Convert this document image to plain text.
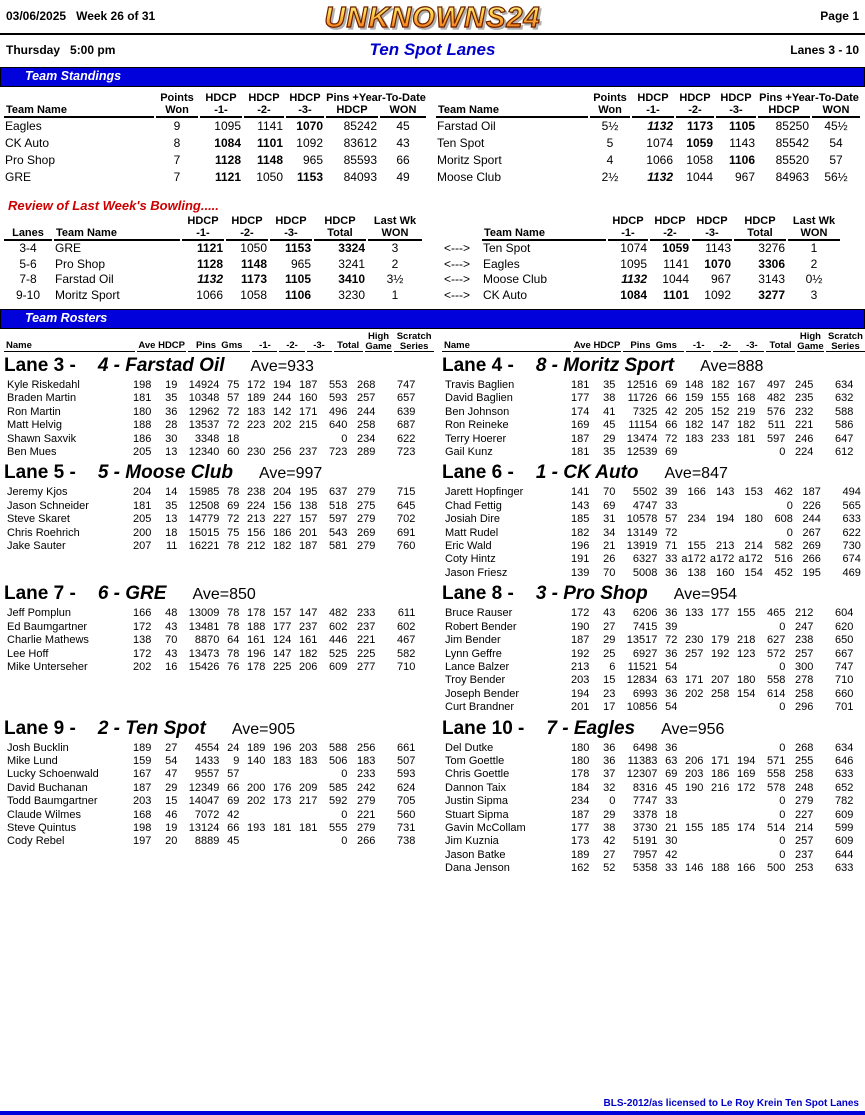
03/06/2025 Week 26 of 31	UNKNOWNS24	Page 1
Thursday   5:00 pm	Ten Spot Lanes	Lanes 3 - 10
Team Standings
	Points	HDCP	HDCP	HDCP	Pins +Year-To-Date	
Team Name	Won	-1-	-2-	-3-	HDCP	WON
Eagles	9	1095	1141	1070	85242	45
CK Auto	8	1084	1101	1092	83612	43
Pro Shop	7	1128	1148	965	85593	66
GRE	7	1121	1050	1153	84093	49
	Points	HDCP	HDCP	HDCP	Pins +Year-To-Date	
Team Name	Won	-1-	-2-	-3-	HDCP	WON
Farstad Oil	5½	1132	1173	1105	85250	45½
Ten Spot	5	1074	1059	1143	85542	54
Moritz Sport	4	1066	1058	1106	85520	57
Moose Club	2½	1132	1044	967	84963	56½
Review of Last Week's Bowling.....
		HDCP	HDCP	HDCP	HDCP	Last Wk
Lanes	Team Name	-1-	-2-	-3-	Total	WON
3-4	GRE	1121	1050	1153	3324	3
5-6	Pro Shop	1128	1148	965	3241	2
7-8	Farstad Oil	1132	1173	1105	3410	3½
9-10	Moritz Sport	1066	1058	1106	3230	1
		HDCP	HDCP	HDCP	HDCP	Last Wk
	Team Name	-1-	-2-	-3-	Total	WON
<--->	Ten Spot	1074	1059	1143	3276	1
<--->	Eagles	1095	1141	1070	3306	2
<--->	Moose Club	1132	1044	967	3143	0½
<--->	CK Auto	1084	1101	1092	3277	3
Team Rosters
Name	Ave HDCP	Pins  Gms	-1-	-2-	-3-	Total	
High
Game

Scratch
Series	Name	Ave HDCP	Pins  Gms	-1-	-2-	-3-	Total	
High
Game

Scratch
Series
Lane 3 - 4 - Farstad Oil Ave=933
Kyle Riskedahl	198	19	14924	75	172	194	187	553	268	747
Braden Martin	181	35	10348	57	189	244	160	593	257	657
Ron Martin	180	36	12962	72	183	142	171	496	244	639
Matt Helvig	188	28	13537	72	223	202	215	640	258	687
Shawn Saxvik	186	30	3348	18				0	234	622
Ben Mues	205	13	12340	60	230	256	237	723	289	723
Lane 4 - 8 - Moritz Sport Ave=888
Travis Baglien	181	35	12516	69	148	182	167	497	245	634
David Baglien	177	38	11726	66	159	155	168	482	235	632
Ben Johnson	174	41	7325	42	205	152	219	576	232	588
Ron Reineke	169	45	11154	66	182	147	182	511	221	586
Terry Hoerer	187	29	13474	72	183	233	181	597	246	647
Gail Kunz	181	35	12539	69				0	224	612
Lane 5 - 5 - Moose Club Ave=997
Jeremy Kjos	204	14	15985	78	238	204	195	637	279	715
Jason Schneider	181	35	12508	69	224	156	138	518	275	645
Steve Skaret	205	13	14779	72	213	227	157	597	279	702
Chris Roehrich	200	18	15015	75	156	186	201	543	269	691
Jake Sauter	207	11	16221	78	212	182	187	581	279	760
Lane 6 - 1 - CK Auto Ave=847
Jarett Hopfinger	141	70	5502	39	166	143	153	462	187	494
Chad Fettig	143	69	4747	33				0	226	565
Josiah Dire	185	31	10578	57	234	194	180	608	244	633
Matt Rudel	182	34	13149	72				0	267	622
Eric Wald	196	21	13919	71	155	213	214	582	269	730
Coty Hintz	191	26	6327	33	a172	a172	a172	516	266	674
Jason Friesz	139	70	5008	36	138	160	154	452	195	469
Lane 7 - 6 - GRE Ave=850
Jeff Pomplun	166	48	13009	78	178	157	147	482	233	611
Ed Baumgartner	172	43	13481	78	188	177	237	602	237	602
Charlie Mathews	138	70	8870	64	161	124	161	446	221	467
Lee Hoff	172	43	13473	78	196	147	182	525	225	582
Mike Unterseher	202	16	15426	76	178	225	206	609	277	710
Lane 8 - 3 - Pro Shop Ave=954
Bruce Rauser	172	43	6206	36	133	177	155	465	212	604
Robert Bender	190	27	7415	39				0	247	620
Jim Bender	187	29	13517	72	230	179	218	627	238	650
Lynn Geffre	192	25	6927	36	257	192	123	572	257	667
Lance Balzer	213	6	11521	54				0	300	747
Troy Bender	203	15	12834	63	171	207	180	558	278	710
Joseph Bender	194	23	6993	36	202	258	154	614	258	660
Curt Brandner	201	17	10856	54				0	296	701
Lane 9 - 2 - Ten Spot Ave=905
Josh Bucklin	189	27	4554	24	189	196	203	588	256	661
Mike Lund	159	54	1433	9	140	183	183	506	183	507
Lucky Schoenwald	167	47	9557	57				0	233	593
David Buchanan	187	29	12349	66	200	176	209	585	242	624
Todd Baumgartner	203	15	14047	69	202	173	217	592	279	705
Claude Wilmes	168	46	7072	42				0	221	560
Steve Quintus	198	19	13124	66	193	181	181	555	279	731
Cody Rebel	197	20	8889	45				0	266	738
Lane 10 - 7 - Eagles Ave=956
Del Dutke	180	36	6498	36				0	268	634
Tom Goettle	180	36	11383	63	206	171	194	571	255	646
Chris Goettle	178	37	12307	69	203	186	169	558	258	633
Dannon Taix	184	32	8316	45	190	216	172	578	248	652
Justin Sipma	234	0	7747	33				0	279	782
Stuart Sipma	187	29	3378	18				0	227	609
Gavin McCollam	177	38	3730	21	155	185	174	514	214	599
Jim Kuznia	173	42	5191	30				0	257	609
Jason Batke	189	27	7957	42				0	237	644
Dana Jenson	162	52	5358	33	146	188	166	500	253	633
BLS-2012/as licensed to Le Roy Krein Ten Spot Lanes
